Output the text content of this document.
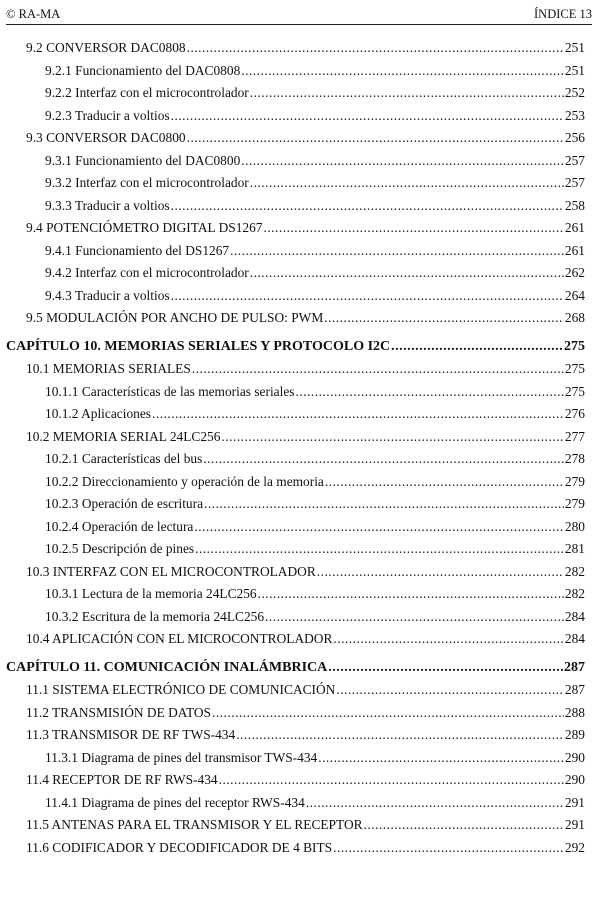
© RA-MA	ÍNDICE 13
9.2 CONVERSOR DAC0808 .....	251
9.2.1 Funcionamiento del DAC0808 .....	251
9.2.2 Interfaz con el microcontrolador .....	252
9.2.3 Traducir a voltios .....	253
9.3 CONVERSOR DAC0800 .....	256
9.3.1 Funcionamiento del DAC0800 .....	257
9.3.2 Interfaz con el microcontrolador .....	257
9.3.3 Traducir a voltios .....	258
9.4 POTENCIÓMETRO DIGITAL DS1267 .....	261
9.4.1 Funcionamiento del DS1267 .....	261
9.4.2 Interfaz con el microcontrolador .....	262
9.4.3 Traducir a voltios .....	264
9.5 MODULACIÓN POR ANCHO DE PULSO: PWM .....	268
CAPÍTULO 10. MEMORIAS SERIALES Y PROTOCOLO I2C .....	275
10.1 MEMORIAS SERIALES .....	275
10.1.1 Características de las memorias seriales .....	275
10.1.2 Aplicaciones .....	276
10.2 MEMORIA SERIAL 24LC256 .....	277
10.2.1 Características del bus .....	278
10.2.2 Direccionamiento y operación de la memoria .....	279
10.2.3 Operación de escritura .....	279
10.2.4 Operación de lectura .....	280
10.2.5 Descripción de pines .....	281
10.3 INTERFAZ CON EL MICROCONTROLADOR .....	282
10.3.1 Lectura de la memoria 24LC256 .....	282
10.3.2 Escritura de la memoria 24LC256 .....	284
10.4 APLICACIÓN CON EL MICROCONTROLADOR .....	284
CAPÍTULO 11. COMUNICACIÓN INALÁMBRICA .....	287
11.1 SISTEMA ELECTRÓNICO DE COMUNICACIÓN .....	287
11.2 TRANSMISIÓN DE DATOS .....	288
11.3 TRANSMISOR DE RF TWS-434 .....	289
11.3.1 Diagrama de pines del transmisor TWS-434 .....	290
11.4 RECEPTOR DE RF RWS-434 .....	290
11.4.1 Diagrama de pines del receptor RWS-434 .....	291
11.5 ANTENAS PARA EL TRANSMISOR Y EL RECEPTOR .....	291
11.6 CODIFICADOR Y DECODIFICADOR DE 4 BITS .....	292
